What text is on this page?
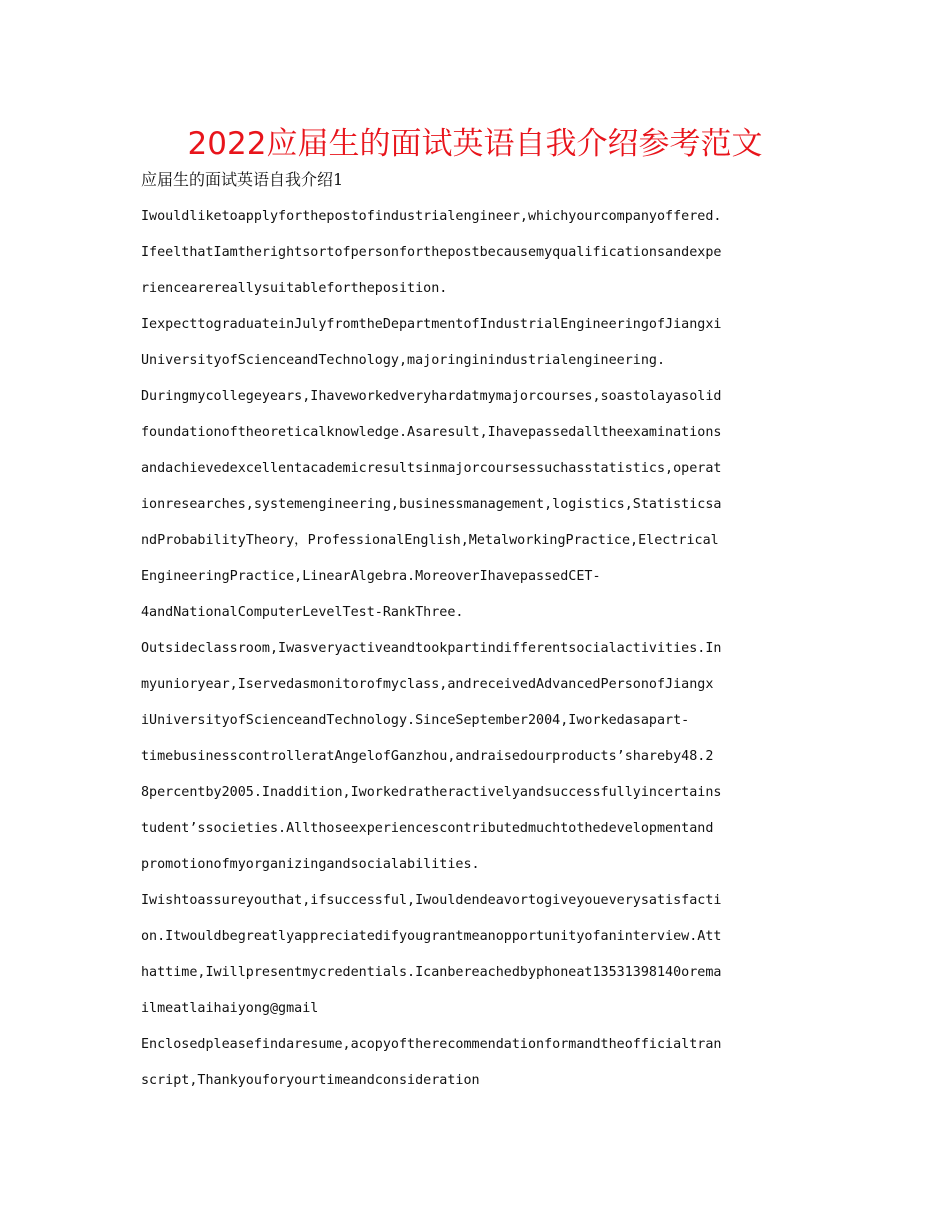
2022应届生的面试英语自我介绍参考范文
应届生的面试英语自我介绍1

Iwouldliketoapplyforthepostofindustrialengineer,whichyourcompanyoffered.
IfeelthatIamtherightsortofpersonforthepostbecausemyqualificationsandexpe
riencearereallysuitablefortheposition.

IexpecttograduateinJulyfromtheDepartmentofIndustrialEngineeringofJiangxi
UniversityofScienceandTechnology,majoringinindustrialengineering.

Duringmycollegeyears,Ihaveworkedveryhardatmymajorcourses,soastolayasolid
foundationoftheoreticalknowledge.Asaresult,Ihavepassedalltheexaminations
andachievedexcellentacademicresultsinmajorcoursessuchasstatistics,operat
ionresearches,systemengineering,businessmanagement,logistics,Statisticsa
ndProbabilityTheory，ProfessionalEnglish,MetalworkingPractice,Electrical
EngineeringPractice,LinearAlgebra.MoreoverIhavepassedCET-
4andNationalComputerLevelTest-RankThree.

Outsideclassroom,Iwasveryactiveandtookpartindifferentsocialactivities.In
myunioryear,Iservedasmonitorofmyclass,andreceivedAdvancedPersonofJiangx
iUniversityofScienceandTechnology.SinceSeptember2004,Iworkedasapart-
timebusinesscontrolleratAngelofGanzhou,andraisedourproducts’shareby48.2
8percentby2005.Inaddition,Iworkedratheractivelyandsuccessfullyincertains
tudent’ssocieties.Allthoseexperiencescontributedmuchtothedevelopmentand
promotionofmyorganizingandsocialabilities.

Iwishtoassureyouthat,ifsuccessful,Iwouldendeavortogiveyoueverysatisfacti
on.Itwouldbegreatlyappreciatedifyougrantmeanopportunityofaninterview.Att
hattime,Iwillpresentmycredentials.Icanbereachedbyphoneat13531398140orema
ilmeatlaihaiyong@gmail

Enclosedpleasefindaresume,acopyoftherecommendationformandtheofficialtran
script,Thankyouforyourtimeandconsideration
